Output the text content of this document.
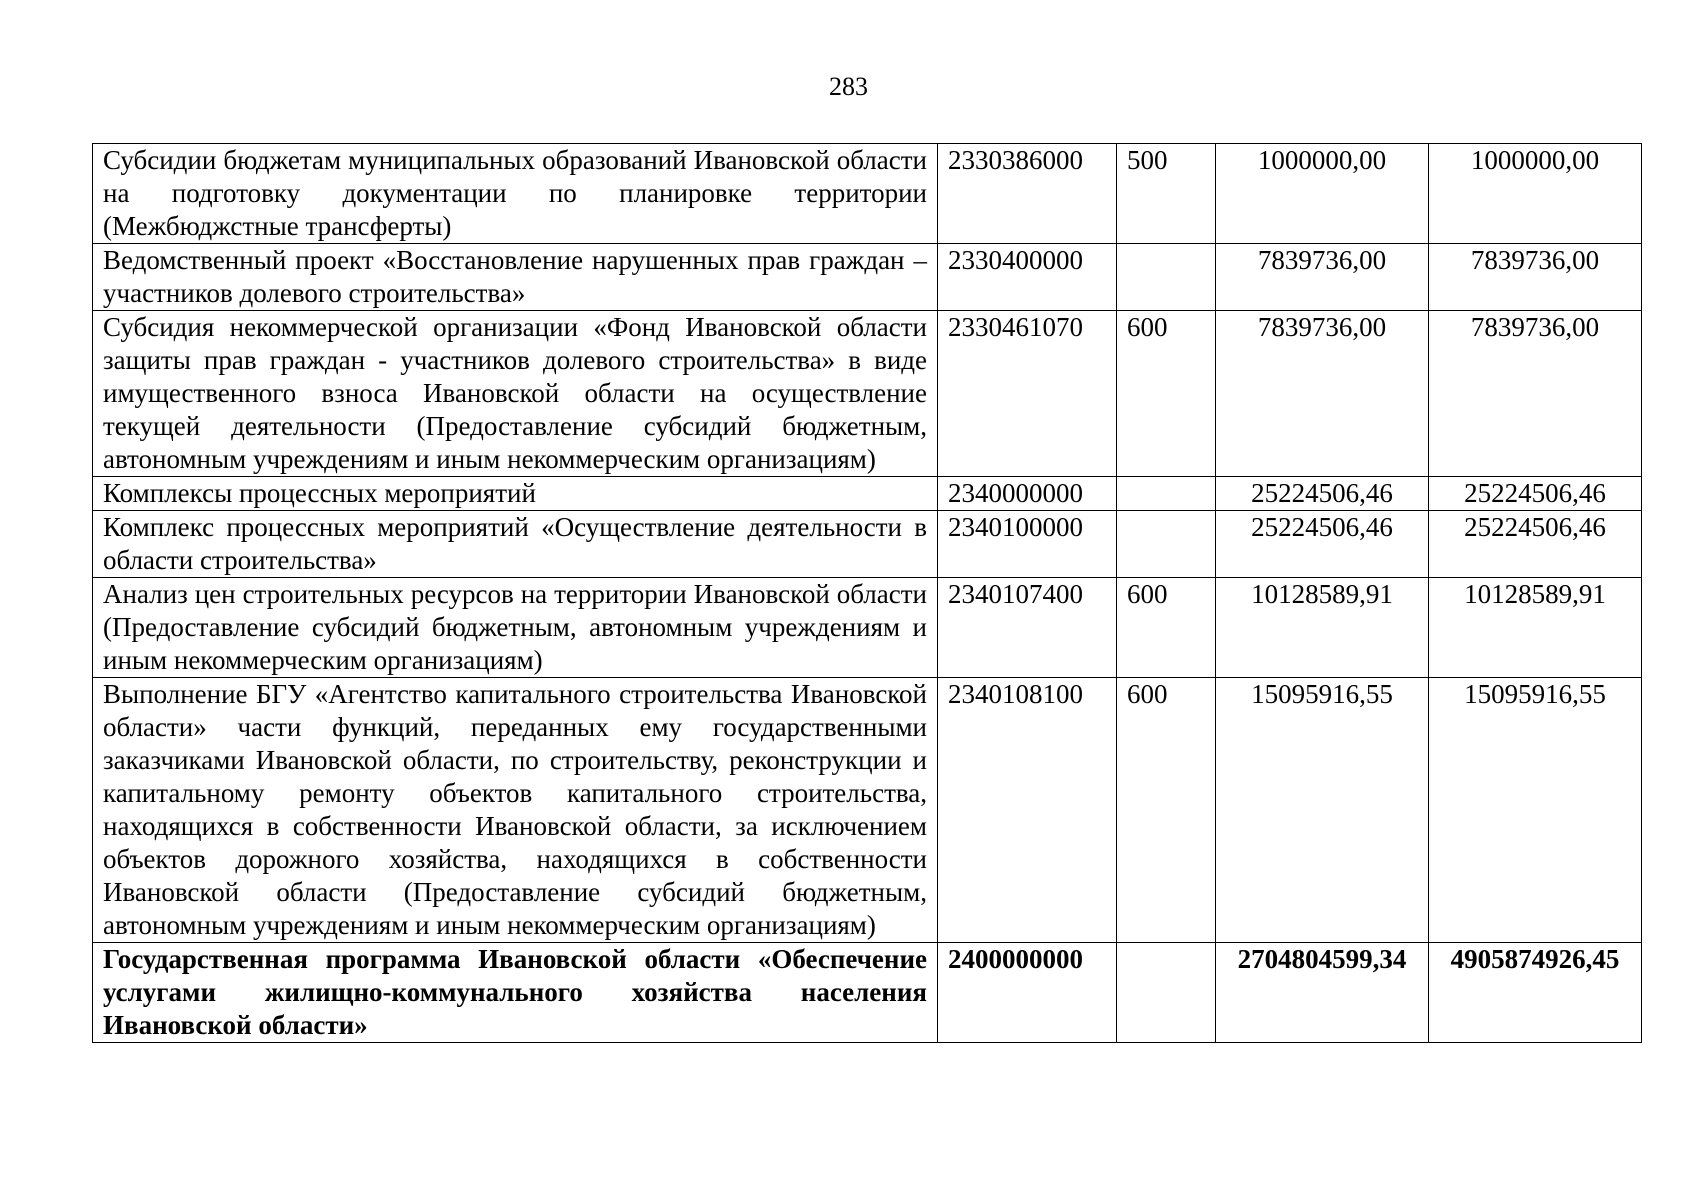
283
Субсидии бюджетам муниципальных образований Ивановской области на подготовку документации по планировке территории (Межбюджстные трансферты)	2330386000	500	1000000,00	1000000,00
Ведомственный проект «Восстановление нарушенных прав граждан – участников долевого строительства»	2330400000		7839736,00	7839736,00
Субсидия некоммерческой организации «Фонд Ивановской области защиты прав граждан - участников долевого строительства» в виде имущественного взноса Ивановской области на осуществление текущей деятельности (Предоставление субсидий бюджетным, автономным учреждениям и иным некоммерческим организациям)	2330461070	600	7839736,00	7839736,00
Комплексы процессных мероприятий	2340000000		25224506,46	25224506,46
Комплекс процессных мероприятий «Осуществление деятельности в области строительства»	2340100000		25224506,46	25224506,46
Анализ цен строительных ресурсов на территории Ивановской области (Предоставление субсидий бюджетным, автономным учреждениям и иным некоммерческим организациям)	2340107400	600	10128589,91	10128589,91
Выполнение БГУ «Агентство капитального строительства Ивановской области» части функций, переданных ему государственными заказчиками Ивановской области, по строительству, реконструкции и капитальному ремонту объектов капитального строительства, находящихся в собственности Ивановской области, за исключением объектов дорожного хозяйства, находящихся в собственности Ивановской области (Предоставление субсидий бюджетным, автономным учреждениям и иным некоммерческим организациям)	2340108100	600	15095916,55	15095916,55
Государственная программа Ивановской области «Обеспечение услугами жилищно-коммунального хозяйства населения Ивановской области»	2400000000		2704804599,34	4905874926,45
